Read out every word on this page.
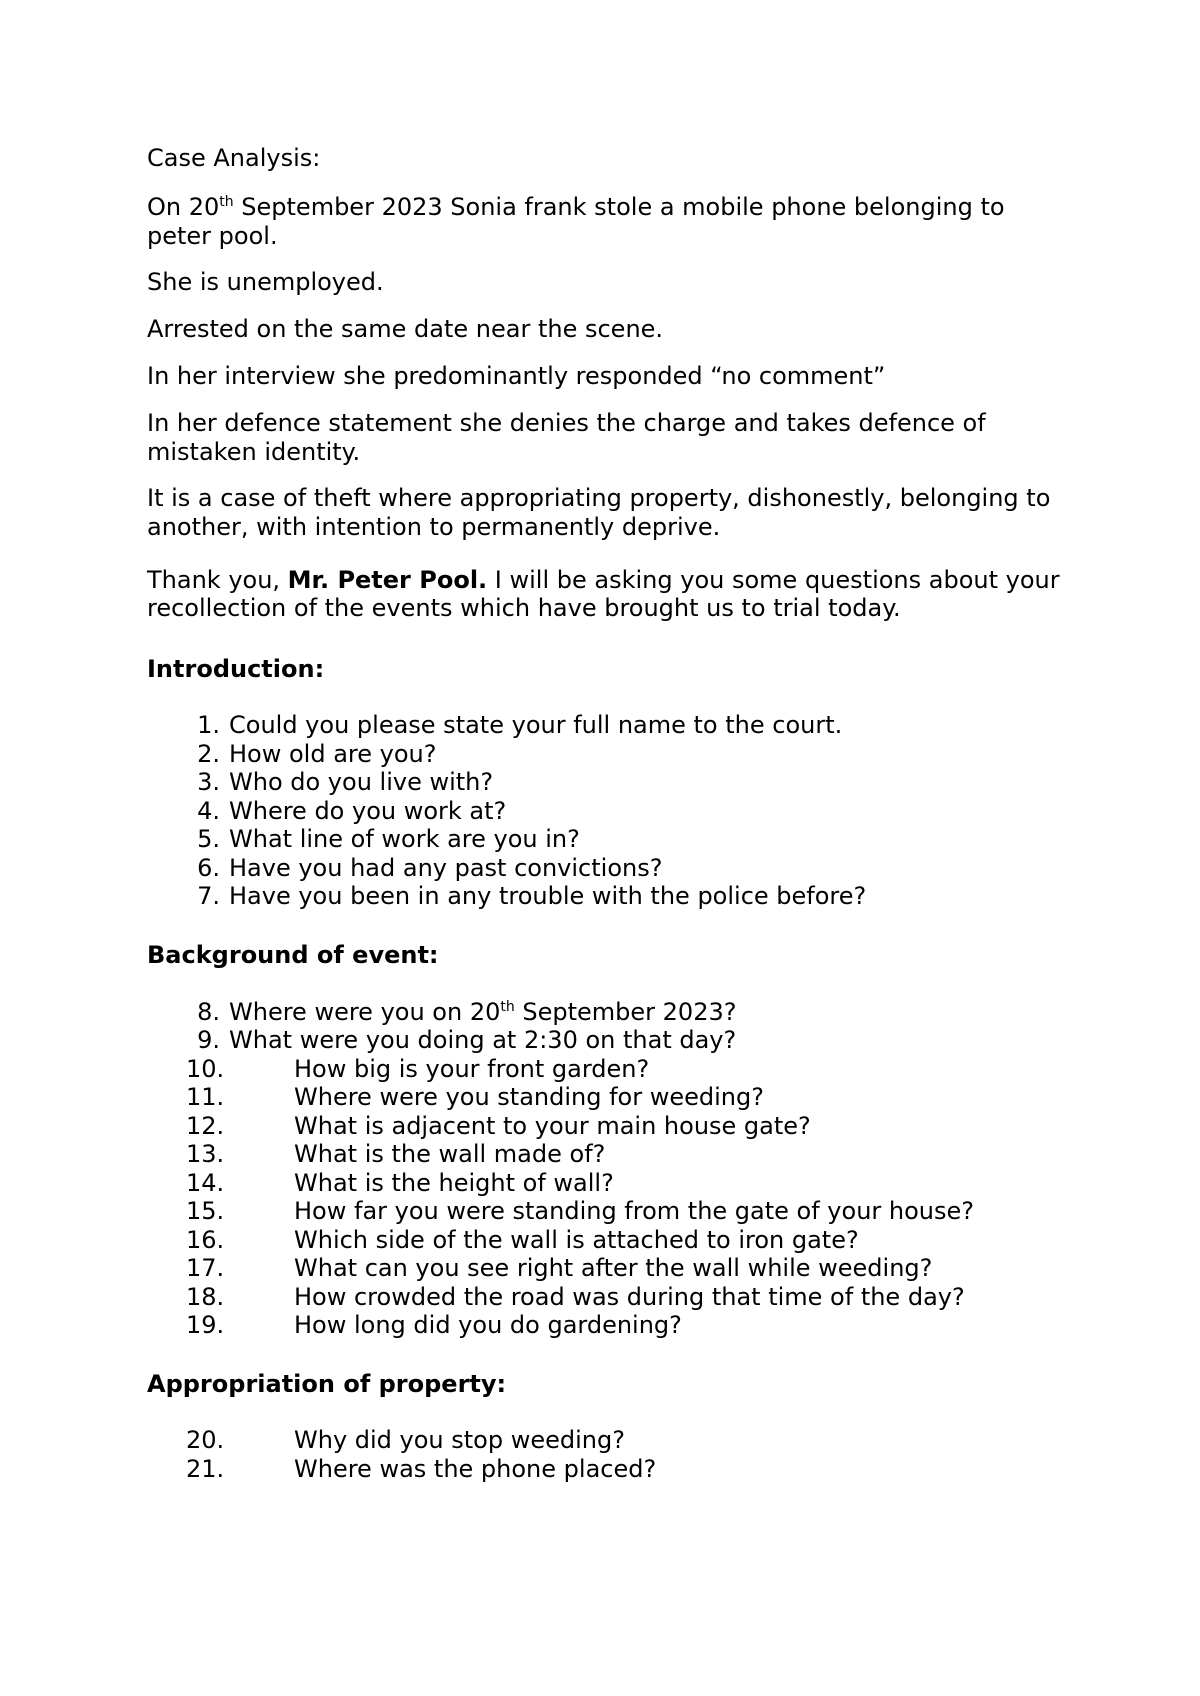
Case Analysis:

On 20th September 2023 Sonia frank stole a mobile phone belonging to peter pool.

She is unemployed.

Arrested on the same date near the scene.

In her interview she predominantly responded “no comment”

In her defence statement she denies the charge and takes defence of mistaken identity.

It is a case of theft where appropriating property, dishonestly, belonging to another, with intention to permanently deprive.

Thank you, Mr. Peter Pool. I will be asking you some questions about your recollection of the events which have brought us to trial today.

Introduction:

1. Could you please state your full name to the court.
2. How old are you?
3. Who do you live with?
4. Where do you work at?
5. What line of work are you in?
6. Have you had any past convictions?
7. Have you been in any trouble with the police before?

Background of event:

8. Where were you on 20th September 2023?
9. What were you doing at 2:30 on that day?
10.	How big is your front garden?
11.	Where were you standing for weeding?
12.	What is adjacent to your main house gate?
13.	What is the wall made of?
14.	What is the height of wall?
15.	How far you were standing from the gate of your house?
16.	Which side of the wall is attached to iron gate?
17.	What can you see right after the wall while weeding?
18.	How crowded the road was during that time of the day?
19.	How long did you do gardening?

Appropriation of property:

20.	Why did you stop weeding?
21.	Where was the phone placed?
